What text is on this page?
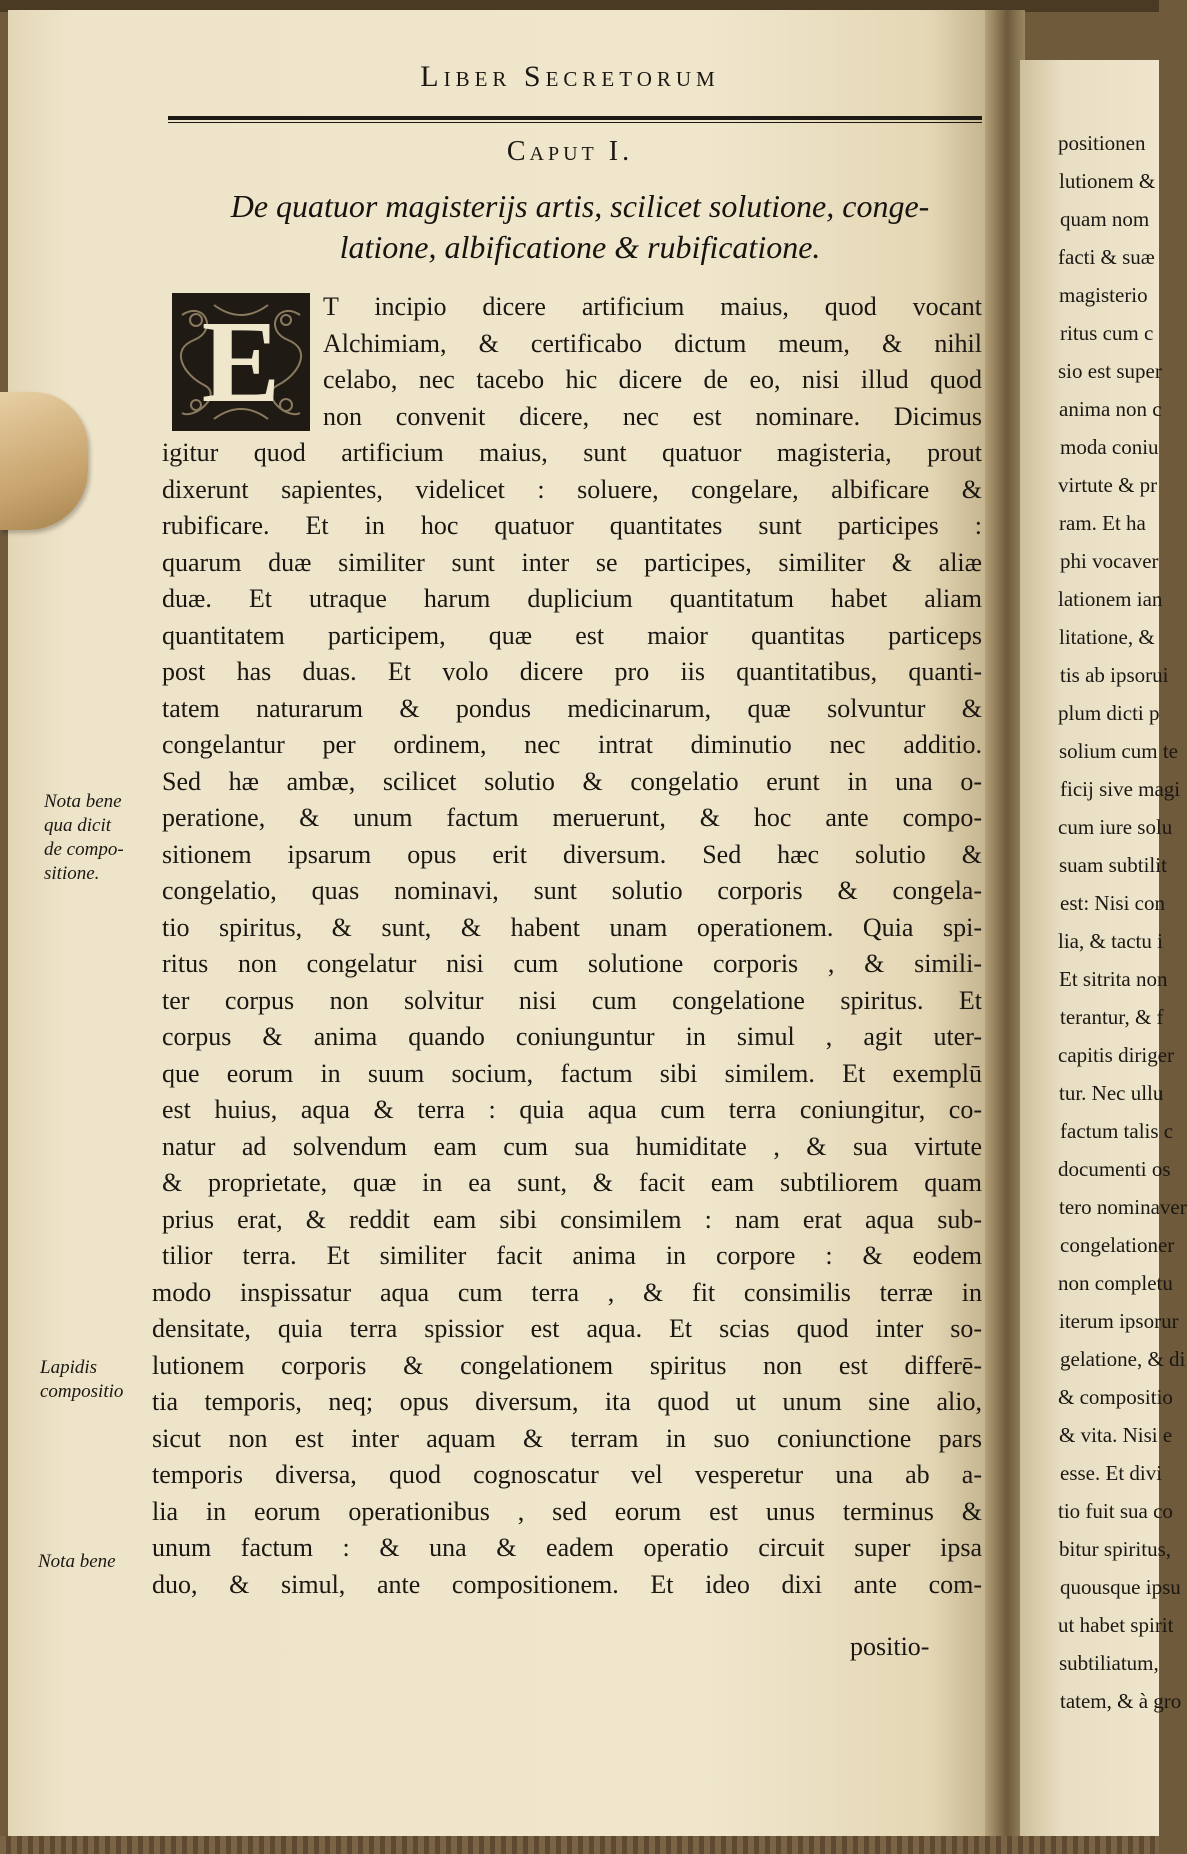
positionen
lutionem &
quam nom
facti & suæ
magisterio
ritus cum c
sio est super
anima non c
moda coniu
virtute & pr
ram. Et ha
phi vocaver
lationem ian
litatione, &
tis ab ipsorui
plum dicti p
solium cum te
ficij sive magi
cum iure solu
suam subtilit
est: Nisi con
lia, & tactu i
Et sitrita non
terantur, & f
capitis diriger
tur. Nec ullu
factum talis c
documenti os
tero nominaver
congelationer
non completu
iterum ipsorur
gelatione, & di
& compositio
& vita. Nisi e
esse. Et divi
tio fuit sua co
bitur spiritus,
quousque ipsu
ut habet spirit
subtiliatum,
tatem, & à gro
Liber Secretorum
Caput I.
De quatuor magisterijs artis, scilicet solutione, conge-
latione, albificatione & rubificatione.
E T incipio dicere artificium maius, quod vocant
Alchimiam, & certificabo dictum meum, & nihil
celabo, nec tacebo hic dicere de eo, nisi illud quod
non convenit dicere, nec est nominare. Dicimus
igitur quod artificium maius, sunt quatuor magisteria, prout
dixerunt sapientes, videlicet : soluere, congelare, albificare &
rubificare. Et in hoc quatuor quantitates sunt participes :
quarum duæ similiter sunt inter se participes, similiter & aliæ
duæ. Et utraque harum duplicium quantitatum habet aliam
quantitatem participem, quæ est maior quantitas particeps
post has duas. Et volo dicere pro iis quantitatibus, quanti-
tatem naturarum & pondus medicinarum, quæ solvuntur &
congelantur per ordinem, nec intrat diminutio nec additio.
Sed hæ ambæ, scilicet solutio & congelatio erunt in una o-
peratione, & unum factum meruerunt, & hoc ante compo-
sitionem ipsarum opus erit diversum. Sed hæc solutio &
congelatio, quas nominavi, sunt solutio corporis & congela-
tio spiritus, & sunt, & habent unam operationem. Quia spi-
ritus non congelatur nisi cum solutione corporis , & simili-
ter corpus non solvitur nisi cum congelatione spiritus. Et
corpus & anima quando coniunguntur in simul , agit uter-
que eorum in suum socium, factum sibi similem. Et exemplū
est huius, aqua & terra : quia aqua cum terra coniungitur, co-
natur ad solvendum eam cum sua humiditate , & sua virtute
& proprietate, quæ in ea sunt, & facit eam subtiliorem quam
prius erat, & reddit eam sibi consimilem : nam erat aqua sub-
tilior terra. Et similiter facit anima in corpore : & eodem
modo inspissatur aqua cum terra , & fit consimilis terræ in
densitate, quia terra spissior est aqua. Et scias quod inter so-
lutionem corporis & congelationem spiritus non est differē-
tia temporis, neq; opus diversum, ita quod ut unum sine alio,
sicut non est inter aquam & terram in suo coniunctione pars
temporis diversa, quod cognoscatur vel vesperetur una ab a-
lia in eorum operationibus , sed eorum est unus terminus &
unum factum : & una & eadem operatio circuit super ipsa
duo, & simul, ante compositionem. Et ideo dixi ante com-
positio-
Nota bene
qua dicit
de compo-
sitione.
Lapidis
compositio
Nota bene
